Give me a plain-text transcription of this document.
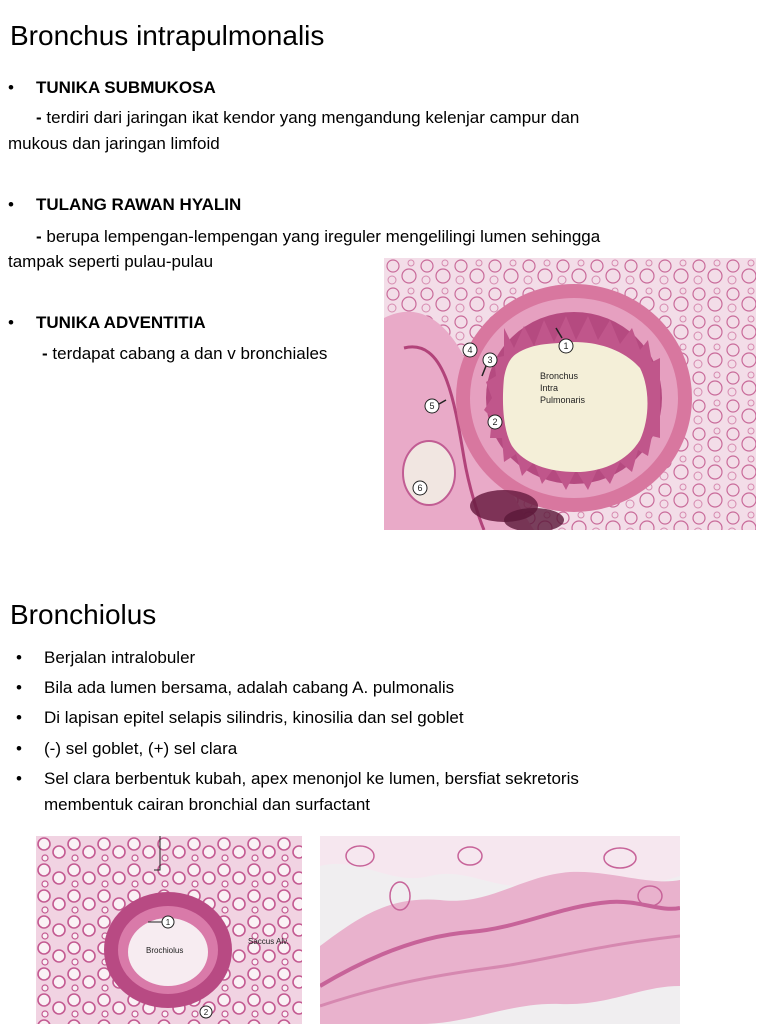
Bronchus intrapulmonalis
• TUNIKA SUBMUKOSA
- terdiri dari jaringan ikat kendor yang mengandung kelenjar campur dan
mukous dan jaringan limfoid
• TULANG RAWAN HYALIN
- berupa lempengan-lempengan yang ireguler mengelilingi lumen sehingga
tampak seperti pulau-pulau
• TUNIKA ADVENTITIA
- terdapat cabang a dan v bronchiales	1
2
3
4
5
6
Bronchus
Intra
Pulmonaris
Bronchiolus
• Berjalan intralobuler
• Bila ada lumen bersama, adalah cabang A. pulmonalis
• Di lapisan epitel selapis silindris, kinosilia dan sel goblet
• (-) sel goblet, (+) sel clara
• Sel clara berbentuk kubah, apex menonjol ke lumen, bersfiat sekretoris
membentuk cairan bronchial dan surfactant
1
2
Brochiolus
Saccus Alv.
